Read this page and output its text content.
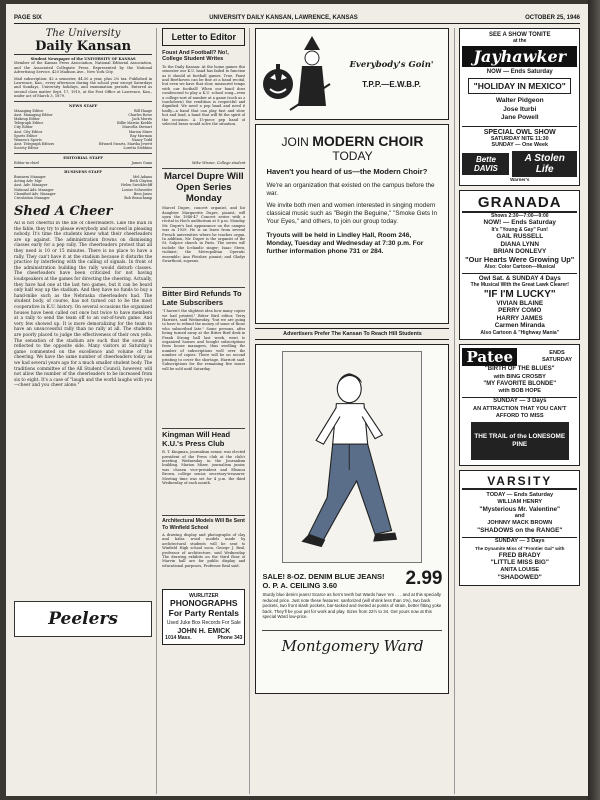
PAGE SIX	UNIVERSITY DAILY KANSAN, LAWRENCE, KANSAS	OCTOBER 25, 1946
The University
Daily Kansan
Student Newspaper of the UNIVERSITY OF KANSAS
Member of the Kansas Press Association, National Editorial Association, and the Associated Collegiate Press. Represented by the National Advertising Service, 420 Madison Ave., New York City.
Mail subscription: $2 a semester, $4.50 a year, plus 2% tax. Published in Lawrence, Kan., every afternoon during the school year except Saturdays and Sundays, University holidays, and examination periods. Entered as second class matter Sept. 17, 1910, at the Post Office at Lawrence, Kan., under act of March 3, 1879.
NEWS STAFF
Managing Editor	Bill Haage
Asst. Managing Editor	Charles Rowe
Makeup Editor	Jack Morris
Telegraph Editor	Billie Marvin Keeble
City Editor	Marcella Stewart
Asst. City Editor	Marion Mizer
Sports Editor	Ray Mormon
Women's Sports	Nancy Todd
Asst. Telegraph Editors	Edward Swartz, Martha Jewett
Society Editor	Loretta Stebbins
EDITORIAL STAFF
Editor-in-chief	James Gunn
BUSINESS STAFF
Business Manager	Mel Adams
Acting Adv. Mgr.	Beth Clayton
Asst. Adv. Manager	Helen Swicklecliff
National Adv. Manager	Louise Schroeder
Classified Adv. Manager	Bess Jones
Circulation Manager	Bob Beauchamp
Shed A Cheer
All is not cheerful in the life of cheerleaders. Like the man in the fable, they try to please everybody and succeed in pleasing nobody. It's time the students knew what their cheerleaders are up against. The administration frowns on dismissing classes early for a pep rally. The cheerleaders protest that all they need is 10 or 15 minutes. There is no place to have a rally. They can't have it at the stadium because it disturbs the practice by interfering with the calling of signals. In front of the administration building the rally would disturb classes. The cheerleaders have been criticized for not having loudspeakers at the games for directing the cheering. Actually, they have had one at the last two games, but it can be heard only half way up the stadium. And they have no funds to buy a hand-mike such as the Nebraska cheerleaders had. The student body, of course, has not turned out to be the most cooperative in K.U. history. On several occasions the organized houses have been called out once but twice to have members at a rally to send the team off to an out-of-town game. And very few showed up. It is more demoralizing for the team to have an unsuccessful rally than no rally at all. The students are poorly placed to judge the effectiveness of their own yells. The sensation of the stadium are such that the sound is reflected to the opposite side. Many visitors at Saturday's game commented on the excellence and volume of the cheering. We have the same number of cheerleaders today as we had several years ago for a much smaller student body. The traditions committee of the All Student Council, however, will not allow the number of the cheerleaders to be increased from six to eight. It's a case of "laugh and the world laughs with you—cheer and you cheer alone."
Peelers
Letter to Editor
Foust And Football? No!, College Student Writes
To the Daily Kansan: At the home games this semester our K.U. band has failed to function as it should at football games. True, Faust and Beethoven can be fine at a band recital, but even we have that slow, measured tempo with our football! When our band does condescend to play a K.U. school song—even a college-sort of number at a game (such as a touchdown) the rendition is respectful and dignified. We need a pep band and need it badly—a band that can play fast and slow, hot and loud, a band that will fit the spirit of the occasion. A 15-piece pep band of selected brass would solve the situation.
Mike Wisner, College student
Marcel Dupre Will Open Series Monday
Marcel Dupre, concert organist, and his daughter Marguerite Dupre, pianist, will open the 1946-47 Concert series with a recital in Hoch auditorium at 8 p.m. Monday. Mr. Dupre's last appearance on the campus was in 1929. He is on leave from several French universities where he teaches organ. In addition, Mr. Dupre is the organist of the St. Sulpice church in Paris. The series will include the Icelandic singer; Isaac Stern, violinist; the Metropolitan Operatic ensemble; Ann Fleisher, pianist; and Gladys Swarthout, soprano.
Bitter Bird Refunds To Late Subscribers
"I haven't the slightest idea how many copies we had printed," Bitter Bird editor, Terry Harriott, said Wednesday, "but we are going to have to refund the money of some of those who subscribed late." Some persons, after being turned away at the Bitter Bird desk in Frank Strong hall last week, went to organized houses and bought subscriptions from house managers, thus swelling the number of subscriptions well over the number of copies. There will be no second printing to cover the shortage, Harriott said. Subscriptions for the remaining five issues will be sold until Saturday.
Kingman Will Head K.U.'s Press Club
R. T. Kingman, journalism senior, was elected president of the Press club at the club's meeting Wednesday in the Journalism building. Marion Mizer, journalism junior, was chosen vice-president and Eleanor Brown, college senior, secretary-treasurer. Meeting time was set for 4 p.m. the third Wednesday of each month.
Architectural Models Will Be Sent To Winfield School
A drawing display and photographs of clay and balsa wood models made by architectural students will be sent to Winfield High school soon, George J. Beal, professor of architecture, said Wednesday. The drawing exhibits on the third floor of Marvin hall are for public display and educational purposes, Professor Beal said.
WURLITZER
PHONOGRAPHS For Party Rentals
Used Juke Box Records For Sale
JOHN H. EMICK
1014 Mass.	Phone 343
Everybody's Goin'
T.P.P.—E.W.B.P.
JOIN MODERN CHOIR TODAY
Haven't you heard of us—the Modern Choir?

We're an organization that existed on the campus before the war.

We invite both men and women interested in singing modern classical music such as "Begin the Beguine," "Smoke Gets In Your Eyes," and others, to join our group today.

Tryouts will be held in Lindley Hall, Room 246, Monday, Tuesday and Wednesday at 7:30 p.m. For further information phone 731 or 284.
Advertisers Prefer The Kansan To Reach Hill Students
SALE! 8-OZ. DENIM BLUE JEANS! O. P. A. CEILING 3.60	2.99
Sturdy blue denim jeans! Scarce as hen's teeth but Wards have 'em . . . and at this specially reduced price. Just note these features: sanforized (will shrink less than 1%), two back pockets, two front slash pockets, bar-tacked and riveted at points of strain, better fitting yoke back. They'll be your pet for work and play. Sizes from 22½ to 34. Get yours now at this special Ward low-price.
Montgomery Ward
SEE A SHOW TONITE
at the
Jayhawker
NOW — Ends Saturday
"HOLIDAY IN MEXICO"
Walter Pidgeon
Jose Iturbi
Jane Powell
SPECIAL OWL SHOW
SATURDAY NITE 11:30
SUNDAY — One Week
Bette DAVIS
A Stolen Life
Warner's
GRANADA
Shows 2:30—7:00—9:00
NOW! — Ends Saturday
It's "Young & Gay" Fun!
GAIL RUSSELL
DIANA LYNN
BRIAN DONLEVY
"Our Hearts Were Growing Up"
Also: Color Cartoon—Musical
Owl Sat. & SUNDAY 4 Days
The Musical With the Great Lawk Clearer!
"IF I'M LUCKY"
VIVIAN BLAINE
PERRY COMO
HARRY JAMES
Carmen Miranda
Also Cartoon & "Highway Mania"
Patee	ENDS SATURDAY
"BIRTH OF THE BLUES"
with BING CROSBY
"MY FAVORITE BLONDE"
with BOB HOPE
SUNDAY — 3 Days
AN ATTRACTION THAT YOU CAN'T AFFORD TO MISS
THE TRAIL of the LONESOME PINE
VARSITY
TODAY — Ends Saturday
WILLIAM HENRY
"Mysterious Mr. Valentine"
and
JOHNNY MACK BROWN
"SHADOWS on the RANGE"
SUNDAY — 3 Days
The Dynamite Miss of "Frontier Gal" with
FRED BRADY
"LITTLE MISS BIG"
ANITA LOUISE
"SHADOWED"
